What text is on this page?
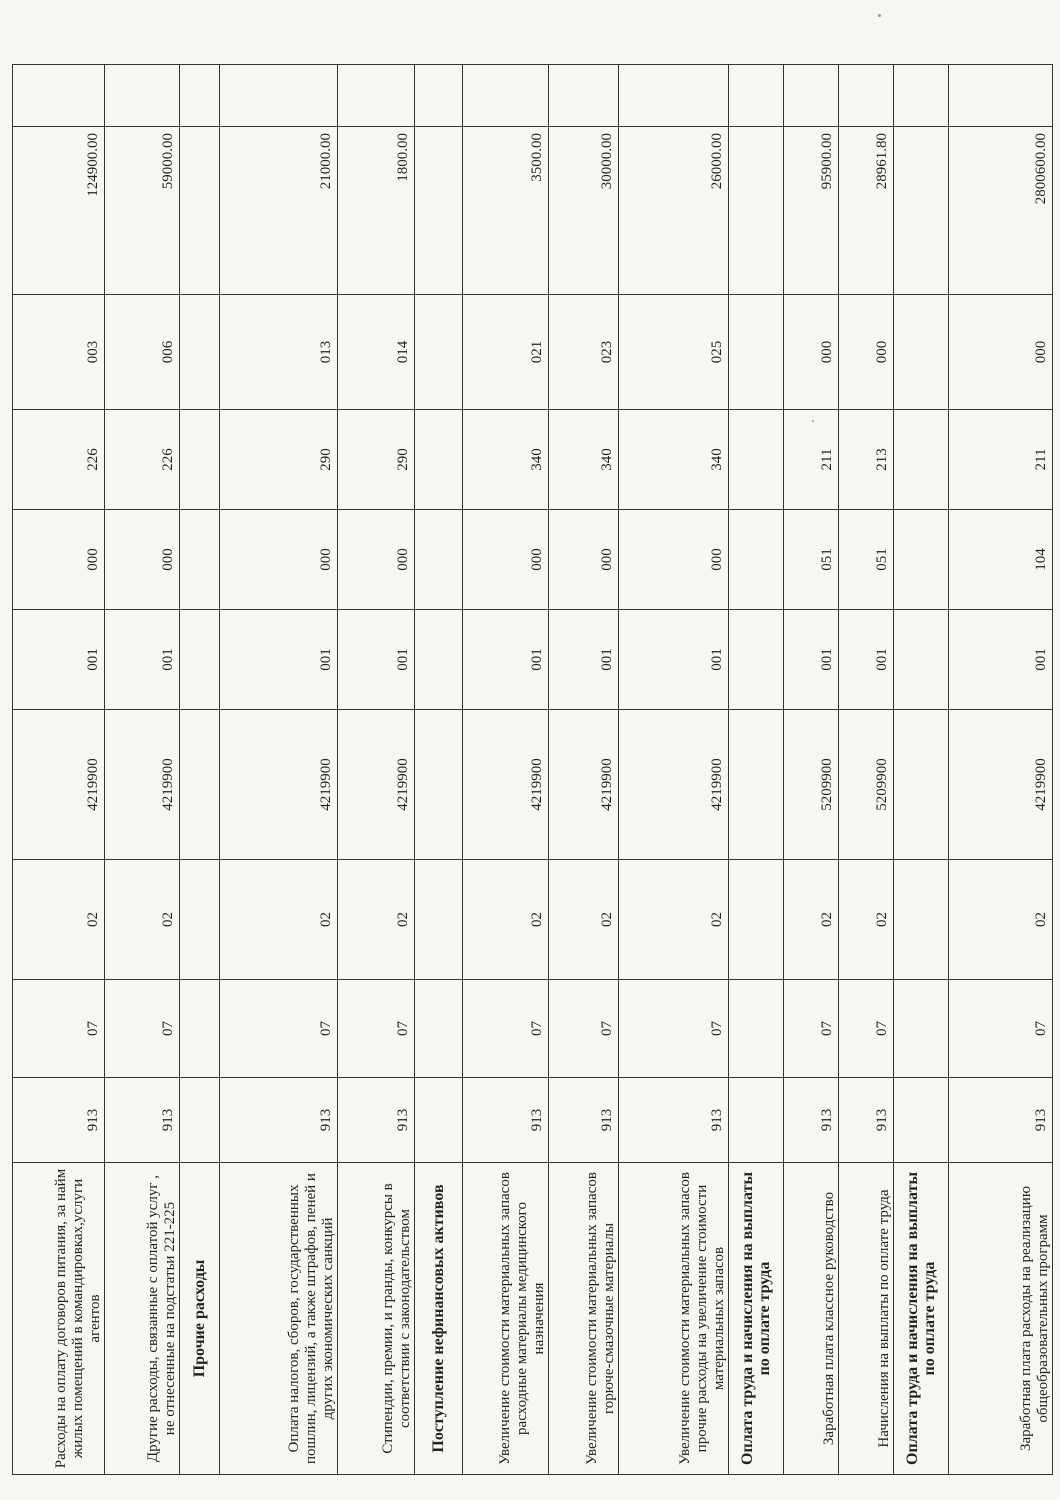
Расходы на оплату договоров питания, за найм жилых помещений в командировках,услуги агентов	913	07	02	4219900	001	000	226	003	124900.00	
Другие расходы, связанные с оплатой услуг , не отнесенные на подстатьи 221-225	913	07	02	4219900	001	000	226	006	59000.00	
Прочие расходы										
Оплата налогов, сборов, государственных пошлин, лицензий, а также штрафов, пеней и других экономических санкций	913	07	02	4219900	001	000	290	013	21000.00	
Стипендии, премии, и гранды, конкурсы в соответствии с законодательством	913	07	02	4219900	001	000	290	014	1800.00	
Поступление нефинансовых активов										
Увеличение стоимости материальных запасов расходные материалы медицинского назначения	913	07	02	4219900	001	000	340	021	3500.00	
Увеличение стоимости материальных запасов горюче-смазочные материалы	913	07	02	4219900	001	000	340	023	30000.00	
Увеличение стоимости материальных запасов прочие расходы на увеличение стоимости материальных запасов	913	07	02	4219900	001	000	340	025	26000.00	
Оплата труда и начисления на выплаты по оплате труда										
Заработная плата классное руководство	913	07	02	5209900	001	051	211	000	95900.00	
Начисления на выплаты по оплате труда	913	07	02	5209900	001	051	213	000	28961.80	
Оплата труда и начисления на выплаты по оплате труда										
Заработная плата расходы на реализацию общеобразовательных программ	913	07	02	4219900	001	104	211	000	2800600.00	
